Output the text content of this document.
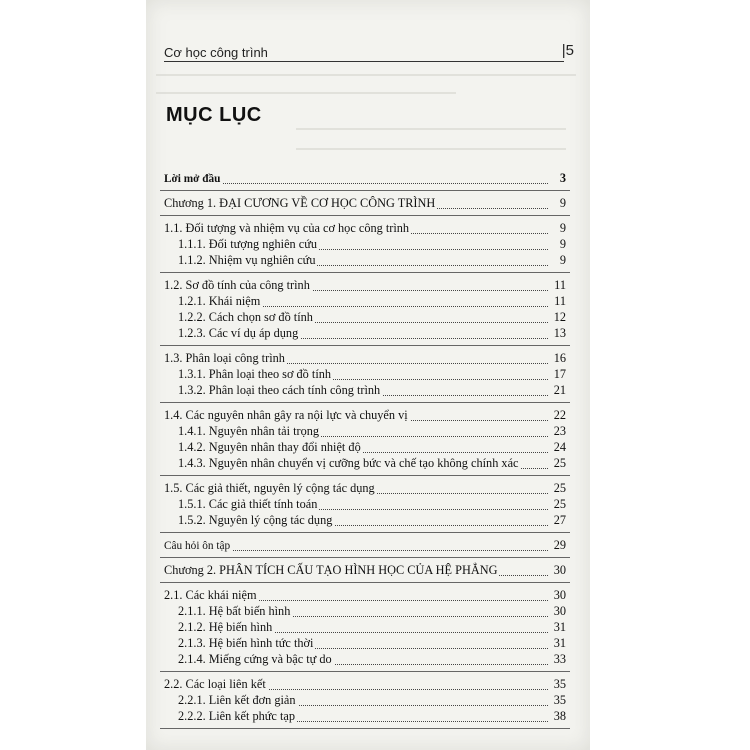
Cơ học công trình	|5
MỤC LỤC
Lời mở đầu	3
Chương 1. ĐẠI CƯƠNG VỀ CƠ HỌC CÔNG TRÌNH	9
1.1. Đối tượng và nhiệm vụ của cơ học công trình	9
1.1.1. Đối tượng nghiên cứu	9
1.1.2. Nhiệm vụ nghiên cứu	9
1.2. Sơ đồ tính của công trình	11
1.2.1. Khái niệm	11
1.2.2. Cách chọn sơ đồ tính	12
1.2.3. Các ví dụ áp dụng	13
1.3. Phân loại công trình	16
1.3.1. Phân loại theo sơ đồ tính	17
1.3.2. Phân loại theo cách tính công trình	21
1.4. Các nguyên nhân gây ra nội lực và chuyển vị	22
1.4.1. Nguyên nhân tải trọng	23
1.4.2. Nguyên nhân thay đổi nhiệt độ	24
1.4.3. Nguyên nhân chuyển vị cưỡng bức và chế tạo không chính xác	25
1.5. Các giả thiết, nguyên lý cộng tác dụng	25
1.5.1. Các giả thiết tính toán	25
1.5.2. Nguyên lý cộng tác dụng	27
Câu hỏi ôn tập	29
Chương 2. PHÂN TÍCH CẤU TẠO HÌNH HỌC CỦA HỆ PHẲNG	30
2.1. Các khái niệm	30
2.1.1. Hệ bất biến hình	30
2.1.2. Hệ biến hình	31
2.1.3. Hệ biến hình tức thời	31
2.1.4. Miếng cứng và bậc tự do	33
2.2. Các loại liên kết	35
2.2.1. Liên kết đơn giản	35
2.2.2. Liên kết phức tạp	38
